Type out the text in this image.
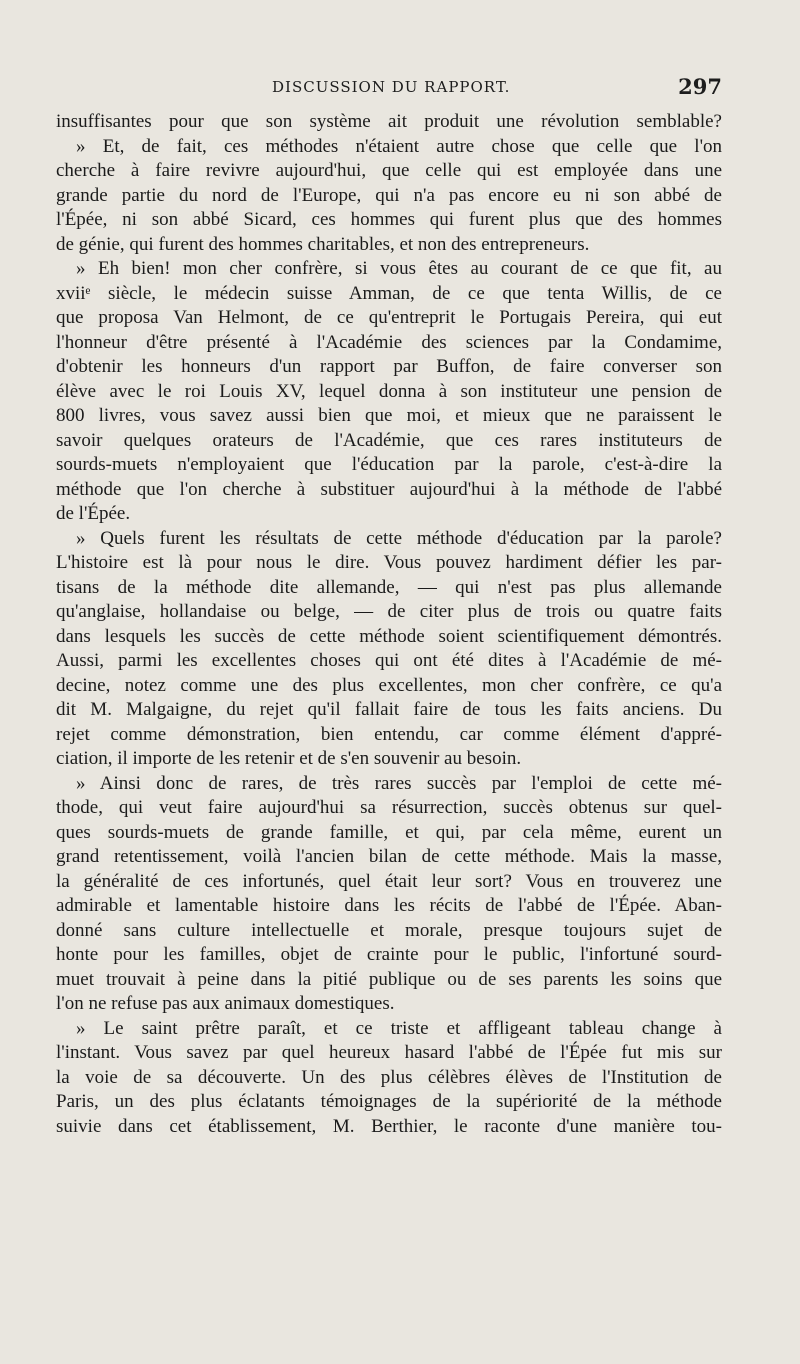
DISCUSSION DU RAPPORT.	297

insuffisantes pour que son système ait produit une révolution semblable?

» Et, de fait, ces méthodes n'étaient autre chose que celle que l'on

cherche à faire revivre aujourd'hui, que celle qui est employée dans une

grande partie du nord de l'Europe, qui n'a pas encore eu ni son abbé de

l'Épée, ni son abbé Sicard, ces hommes qui furent plus que des hommes

de génie, qui furent des hommes charitables, et non des entrepreneurs.

» Eh bien! mon cher confrère, si vous êtes au courant de ce que fit, au

xviiᵉ siècle, le médecin suisse Amman, de ce que tenta Willis, de ce

que proposa Van Helmont, de ce qu'entreprit le Portugais Pereira, qui eut

l'honneur d'être présenté à l'Académie des sciences par la Condamime,

d'obtenir les honneurs d'un rapport par Buffon, de faire converser son

élève avec le roi Louis XV, lequel donna à son instituteur une pension de

800 livres, vous savez aussi bien que moi, et mieux que ne paraissent le

savoir quelques orateurs de l'Académie, que ces rares instituteurs de

sourds-muets n'employaient que l'éducation par la parole, c'est-à-dire la

méthode que l'on cherche à substituer aujourd'hui à la méthode de l'abbé

de l'Épée.

» Quels furent les résultats de cette méthode d'éducation par la parole?

L'histoire est là pour nous le dire. Vous pouvez hardiment défier les par-

tisans de la méthode dite allemande, — qui n'est pas plus allemande

qu'anglaise, hollandaise ou belge, — de citer plus de trois ou quatre faits

dans lesquels les succès de cette méthode soient scientifiquement démontrés.

Aussi, parmi les excellentes choses qui ont été dites à l'Académie de mé-

decine, notez comme une des plus excellentes, mon cher confrère, ce qu'a

dit M. Malgaigne, du rejet qu'il fallait faire de tous les faits anciens. Du

rejet comme démonstration, bien entendu, car comme élément d'appré-

ciation, il importe de les retenir et de s'en souvenir au besoin.

» Ainsi donc de rares, de très rares succès par l'emploi de cette mé-

thode, qui veut faire aujourd'hui sa résurrection, succès obtenus sur quel-

ques sourds-muets de grande famille, et qui, par cela même, eurent un

grand retentissement, voilà l'ancien bilan de cette méthode. Mais la masse,

la généralité de ces infortunés, quel était leur sort? Vous en trouverez une

admirable et lamentable histoire dans les récits de l'abbé de l'Épée. Aban-

donné sans culture intellectuelle et morale, presque toujours sujet de

honte pour les familles, objet de crainte pour le public, l'infortuné sourd-

muet trouvait à peine dans la pitié publique ou de ses parents les soins que

l'on ne refuse pas aux animaux domestiques.

» Le saint prêtre paraît, et ce triste et affligeant tableau change à

l'instant. Vous savez par quel heureux hasard l'abbé de l'Épée fut mis sur

la voie de sa découverte. Un des plus célèbres élèves de l'Institution de

Paris, un des plus éclatants témoignages de la supériorité de la méthode

suivie dans cet établissement, M. Berthier, le raconte d'une manière tou-
